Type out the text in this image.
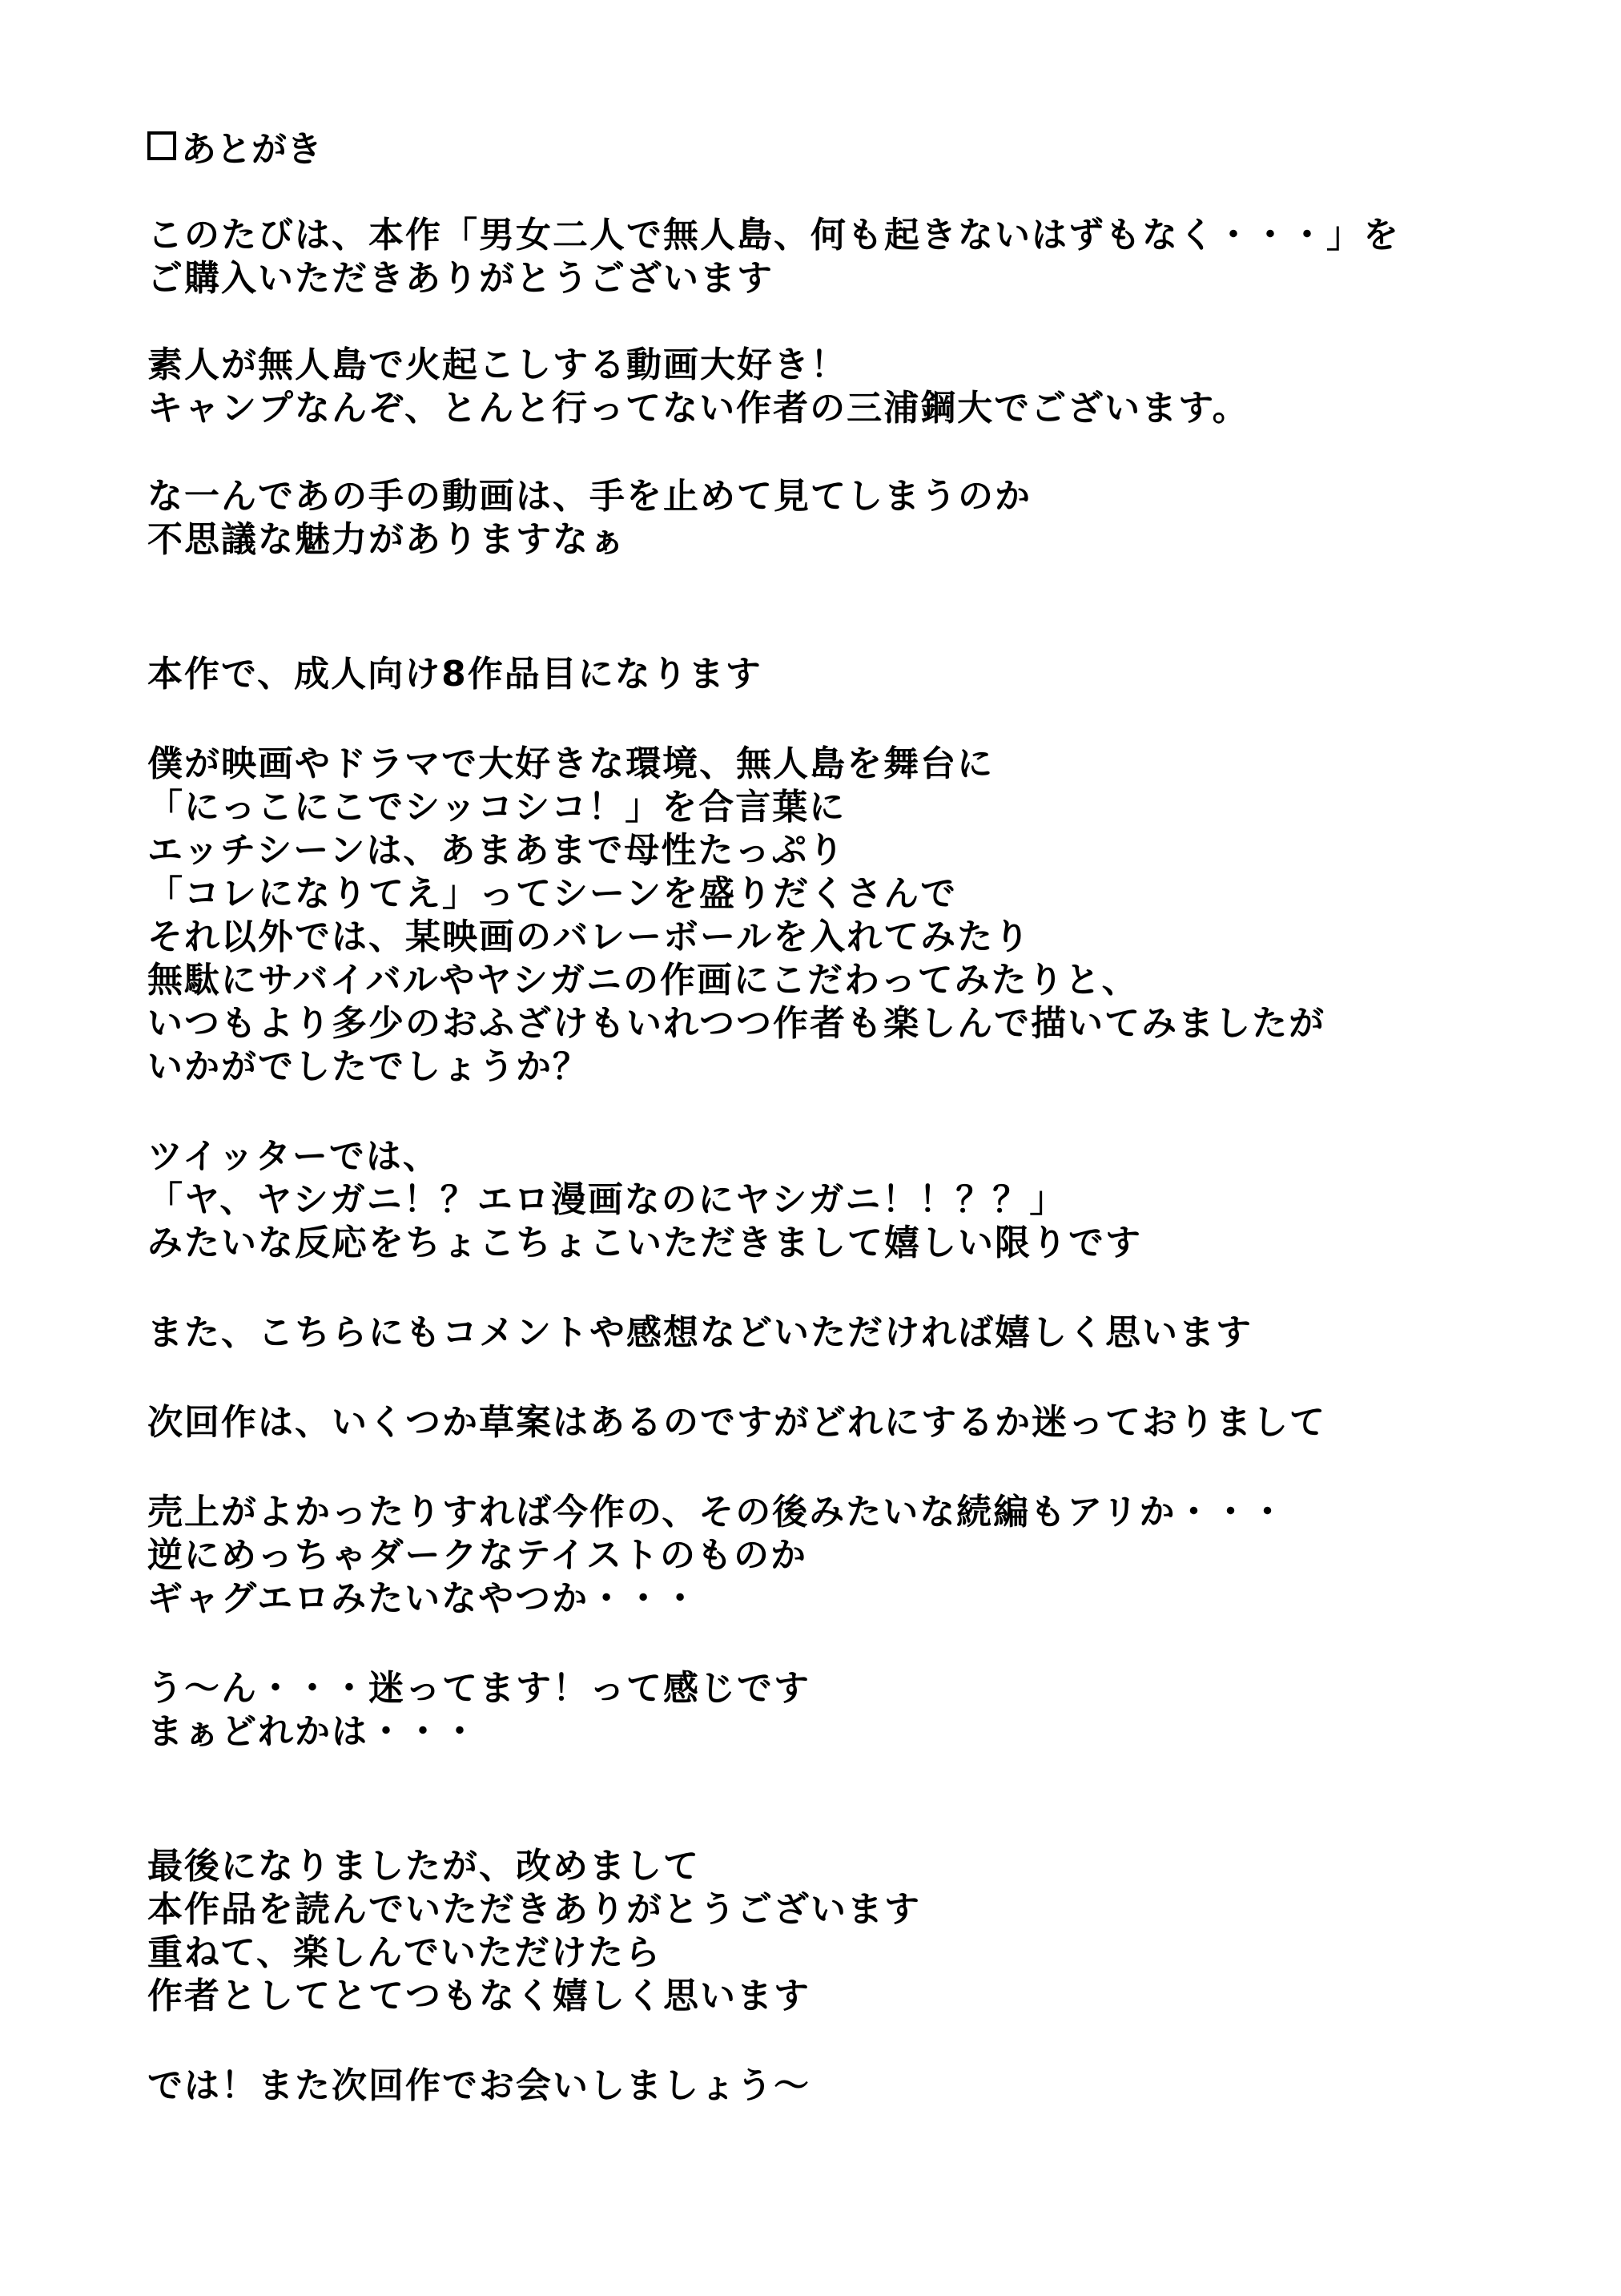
あとがき
このたびは、本作「男女二人で無人島、何も起きないはずもなく・・・」を
ご購入いただきありがとうございます
素人が無人島で火起こしする動画大好き！
キャンプなんぞ、とんと行ってない作者の三浦鋼大でございます。
な一んであの手の動画は、手を止めて見てしまうのか
不思議な魅力がありますなぁ
本作で、成人向け8作品目になります
僕が映画やドラマで大好きな環境、無人島を舞台に
「にっこにこでシッコシコ！」を合言葉に
エッチシーンは、あまあまで母性たっぷり
「コレになりてえ」ってシーンを盛りだくさんで
それ以外では、某映画のバレーボールを入れてみたり
無駄にサバイバルやヤシガニの作画にこだわってみたりと、
いつもより多少のおふざけもいれつつ作者も楽しんで描いてみましたが
いかがでしたでしょうか？
ツイッターでは、
「ヤ、ヤシガニ！？エロ漫画なのにヤシガニ！！？？」
みたいな反応をちょこちょこいただきまして嬉しい限りです
また、こちらにもコメントや感想などいただければ嬉しく思います
次回作は、いくつか草案はあるのですがどれにするか迷っておりまして
売上がよかったりすれば今作の、その後みたいな続編もアリか・・・
逆にめっちゃダークなテイストのものか
ギャグエロみたいなやつか・・・
う～ん・・・迷ってます！って感じです
まぁどれかは・・・
最後になりましたが、改めまして
本作品を読んでいただきありがとうございます
重ねて、楽しんでいただけたら
作者としてとてつもなく嬉しく思います
では！また次回作でお会いしましょう～
